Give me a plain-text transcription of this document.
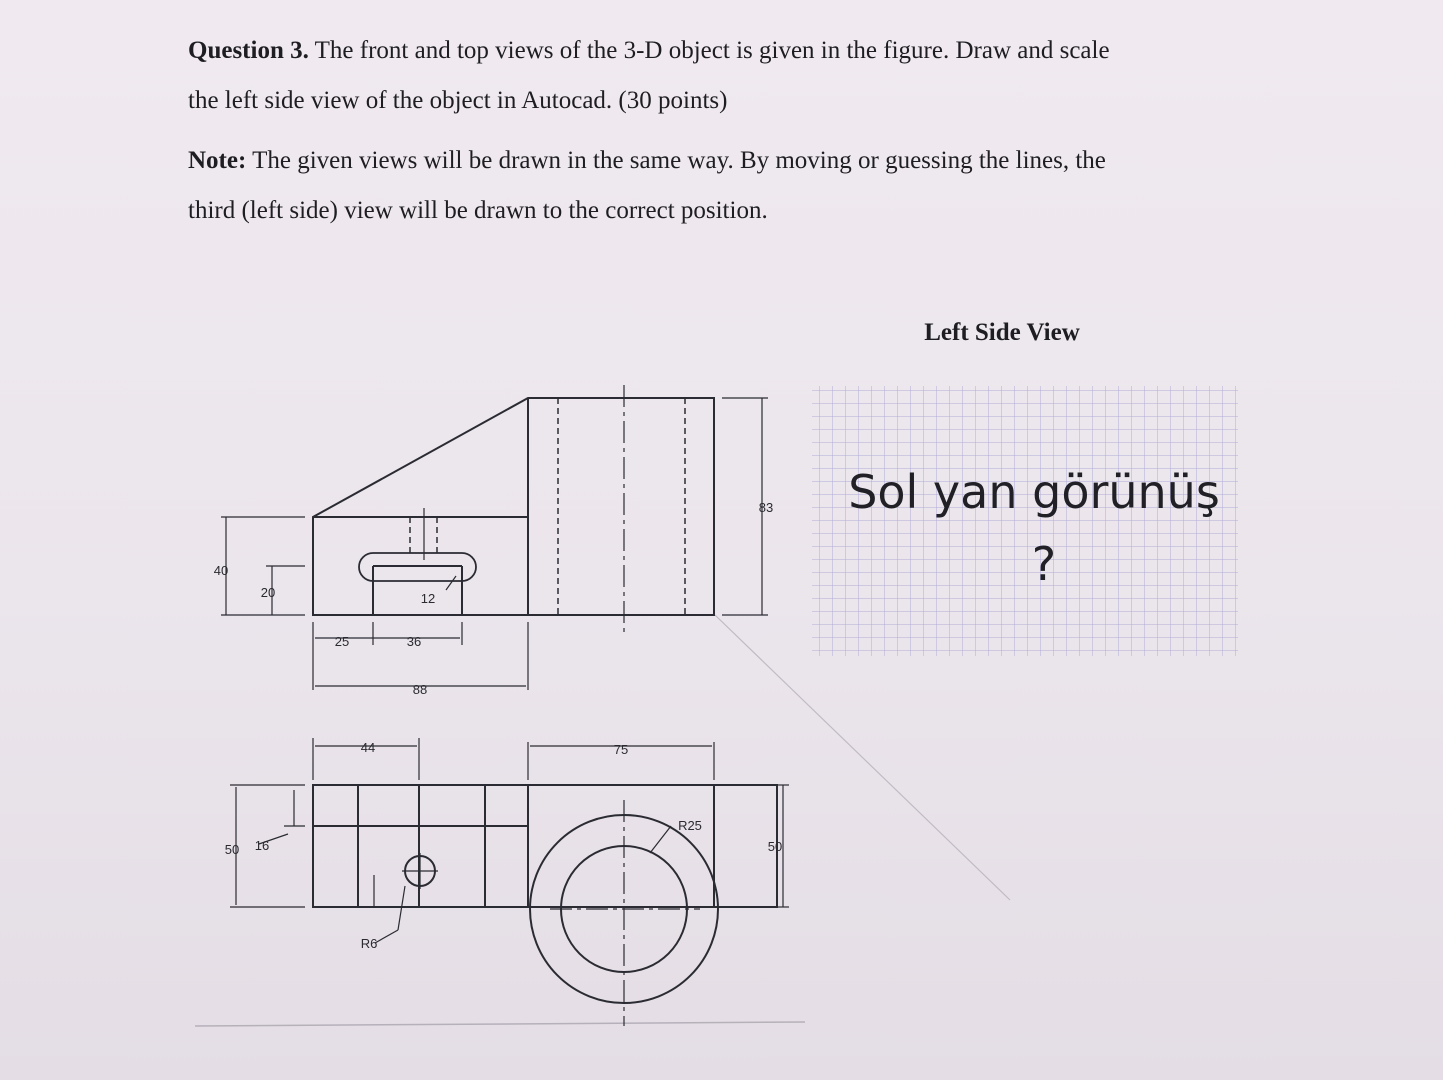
Question 3. The front and top views of the 3-D object is given in the figure. Draw and scale
the left side view of the object in Autocad. (30 points)

Note: The given views will be drawn in the same way. By moving or guessing the lines, the
third (left side) view will be drawn to the correct position.

Left Side View
Sol yan görünüş
?
40
20	12
25	36
88
83
44	75
R25
50 16	50
R6
